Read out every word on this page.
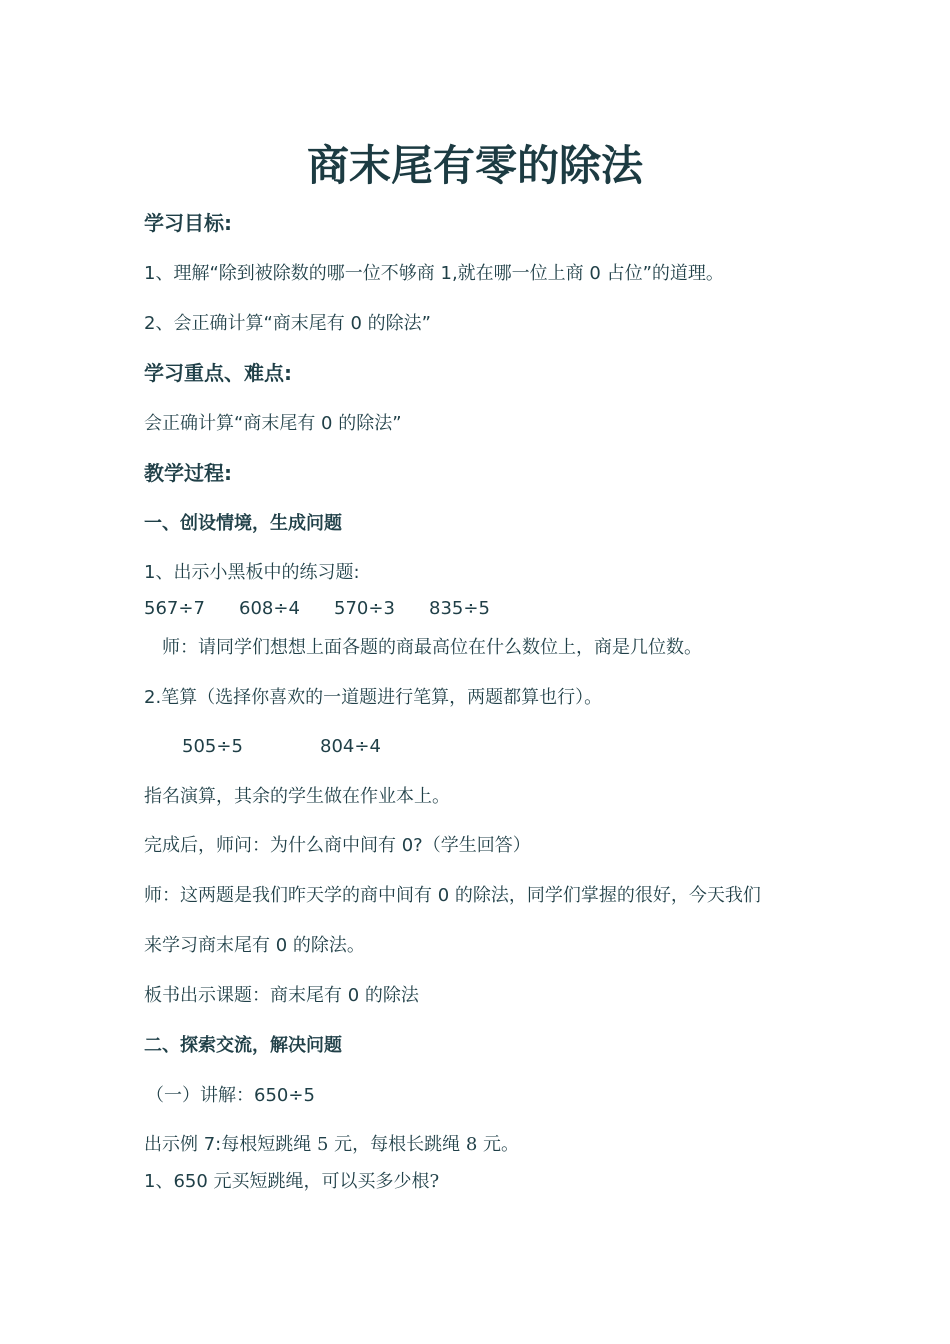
商末尾有零的除法
学习目标:
1、理解“除到被除数的哪一位不够商 1,就在哪一位上商 0 占位”的道理。
2、会正确计算“商末尾有 0 的除法”
学习重点、难点:
会正确计算“商末尾有 0 的除法”
教学过程:
一、创设情境，生成问题
1、出示小黑板中的练习题:
567÷7 608÷4 570÷3 835÷5
师：请同学们想想上面各题的商最高位在什么数位上，商是几位数。
2.笔算（选择你喜欢的一道题进行笔算，两题都算也行）。
505÷5	804÷4
指名演算，其余的学生做在作业本上。
完成后，师问：为什么商中间有 0?（学生回答）
师：这两题是我们昨天学的商中间有 0 的除法，同学们掌握的很好，今天我们
来学习商末尾有 0 的除法。
板书出示课题：商末尾有 0 的除法
二、探索交流，解决问题
（一）讲解：650÷5
出示例 7:每根短跳绳 5 元，每根长跳绳 8 元。
1、650 元买短跳绳，可以买多少根?
